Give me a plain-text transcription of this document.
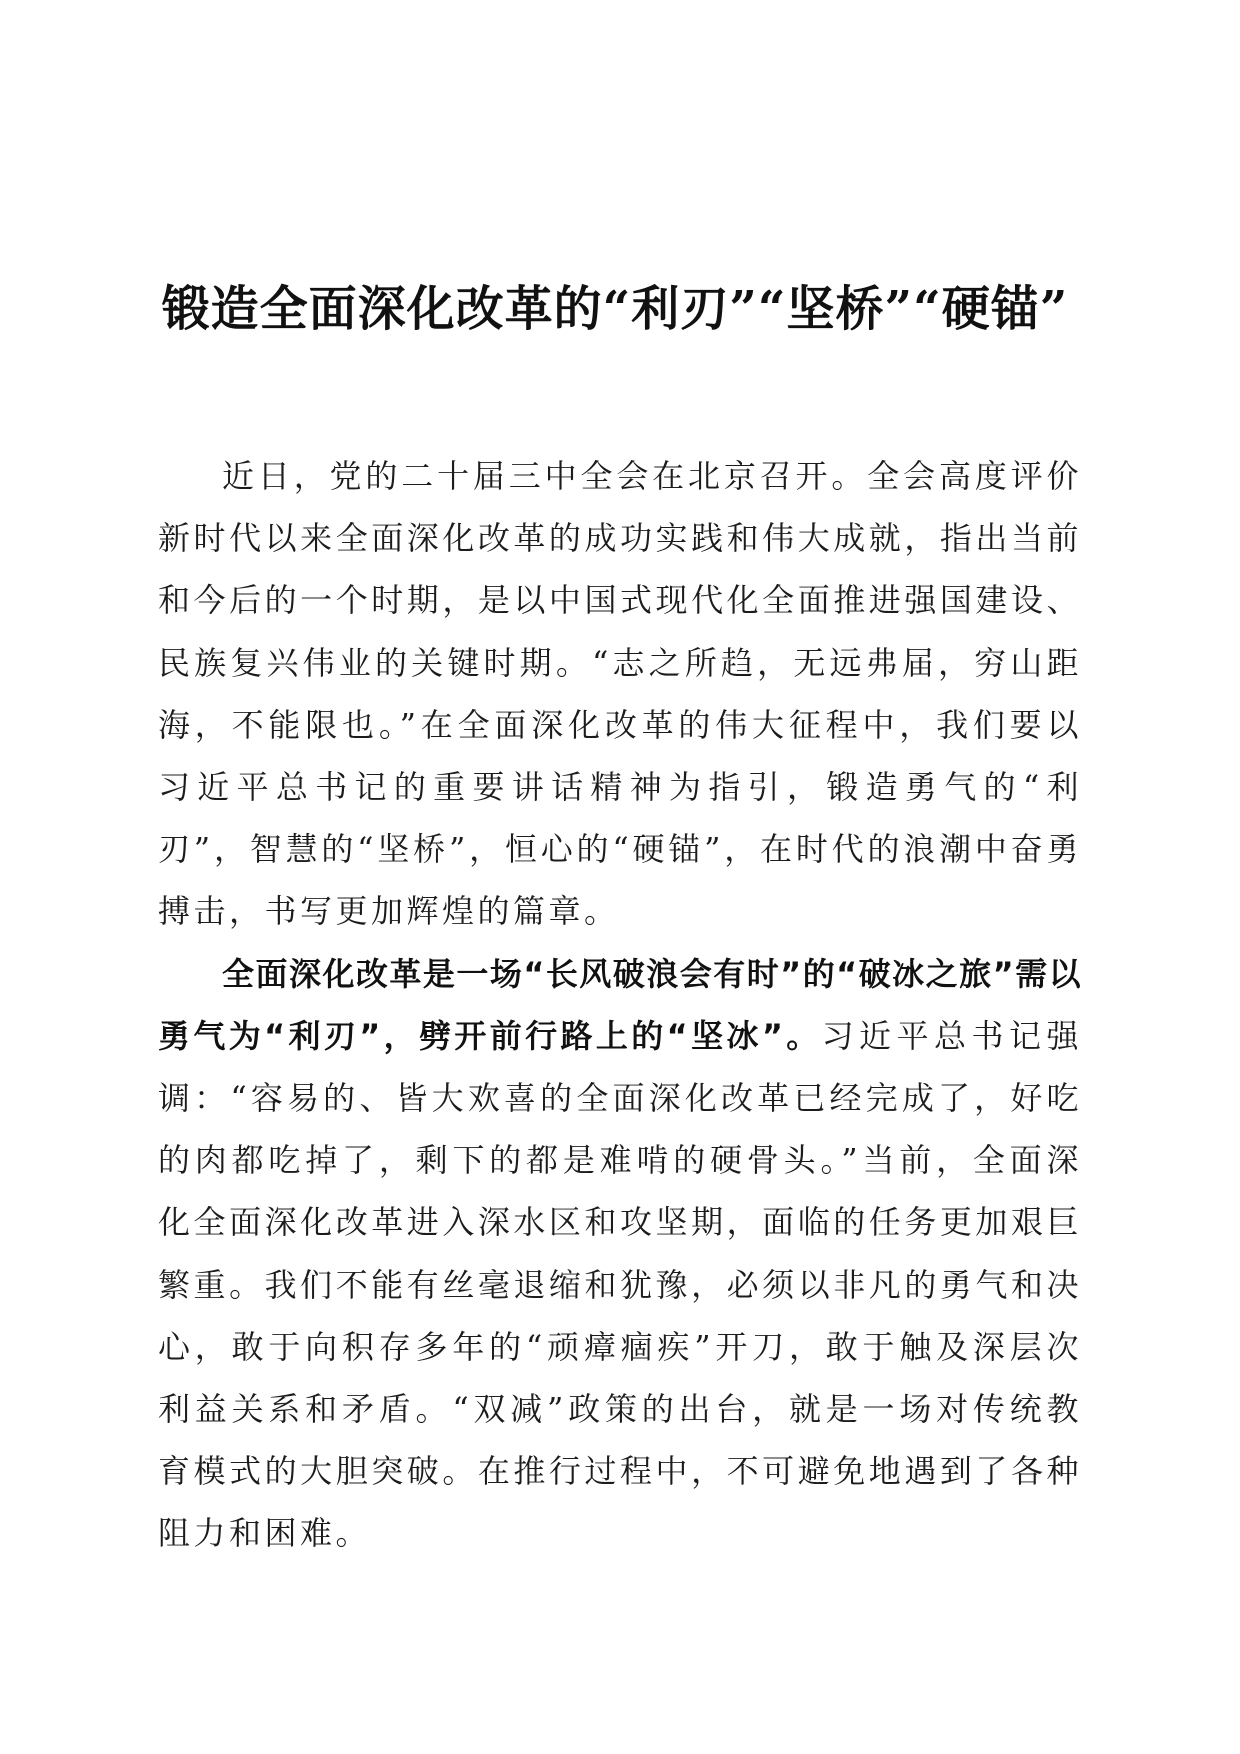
锻造全面深化改革的“利刃”“坚桥”“硬锚”

近日，党的二十届三中全会在北京召开。全会高度评价新时代以来全面深化改革的成功实践和伟大成就，指出当前和今后的一个时期，是以中国式现代化全面推进强国建设、民族复兴伟业的关键时期。“志之所趋，无远弗届，穷山距海，不能限也。”在全面深化改革的伟大征程中，我们要以习近平总书记的重要讲话精神为指引，锻造勇气的“利刃”，智慧的“坚桥”，恒心的“硬锚”，在时代的浪潮中奋勇搏击，书写更加辉煌的篇章。

全面深化改革是一场“长风破浪会有时”的“破冰之旅”需以勇气为“利刃”，劈开前行路上的“坚冰”。习近平总书记强调：“容易的、皆大欢喜的全面深化改革已经完成了，好吃的肉都吃掉了，剩下的都是难啃的硬骨头。”当前，全面深化全面深化改革进入深水区和攻坚期，面临的任务更加艰巨繁重。我们不能有丝毫退缩和犹豫，必须以非凡的勇气和决心，敢于向积存多年的“顽瘴痼疾”开刀，敢于触及深层次利益关系和矛盾。“双减”政策的出台，就是一场对传统教育模式的大胆突破。在推行过程中，不可避免地遇到了各种阻力和困难。
